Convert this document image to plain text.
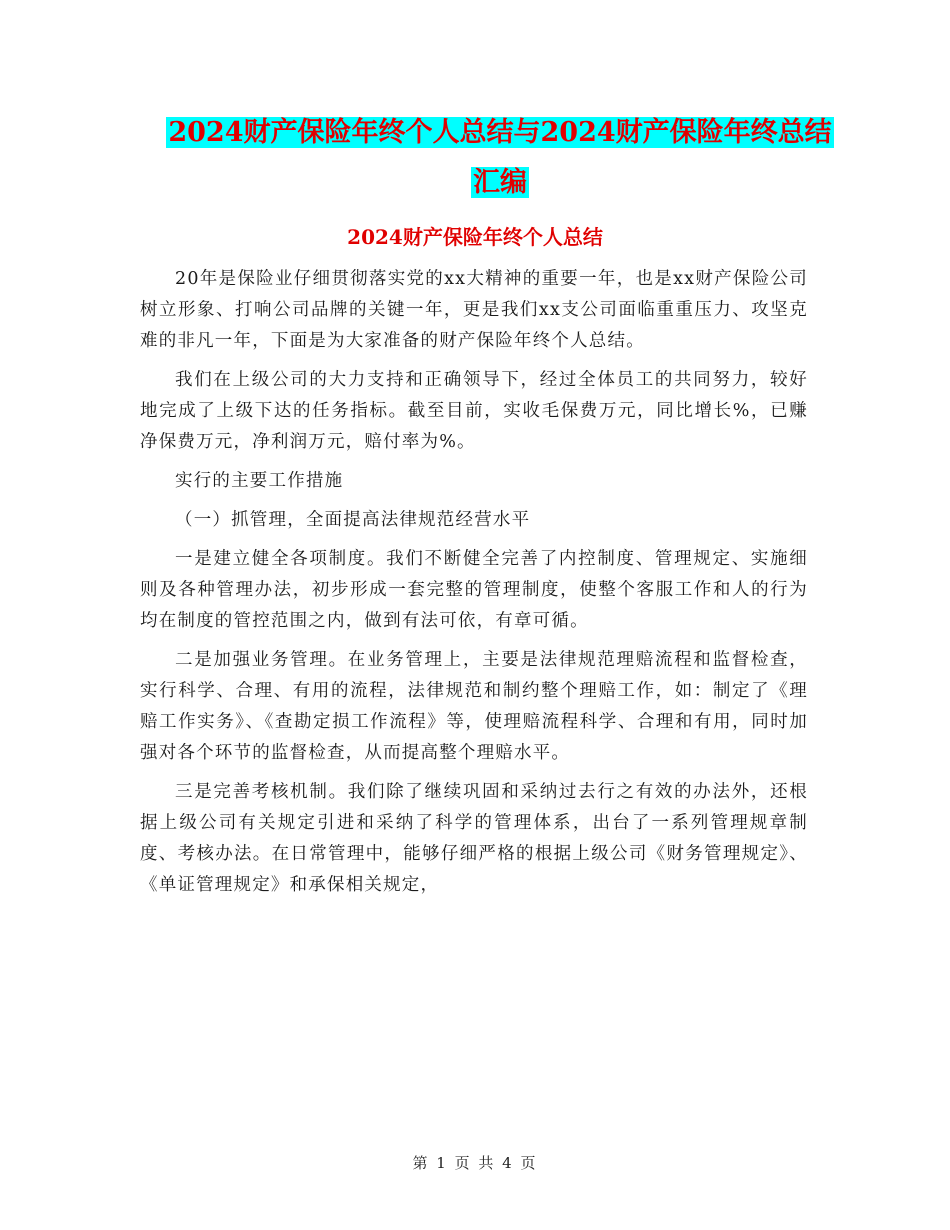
2024财产保险年终个人总结与2024财产保险年终总结
汇编
2024财产保险年终个人总结

20年是保险业仔细贯彻落实党的xx大精神的重要一年，也是xx财产保险公司树立形象、打响公司品牌的关键一年，更是我们xx支公司面临重重压力、攻坚克难的非凡一年，下面是为大家准备的财产保险年终个人总结。

我们在上级公司的大力支持和正确领导下，经过全体员工的共同努力，较好地完成了上级下达的任务指标。截至目前，实收毛保费万元，同比增长%，已赚净保费万元，净利润万元，赔付率为%。

实行的主要工作措施

（一）抓管理，全面提高法律规范经营水平

一是建立健全各项制度。我们不断健全完善了内控制度、管理规定、实施细则及各种管理办法，初步形成一套完整的管理制度，使整个客服工作和人的行为均在制度的管控范围之内，做到有法可依，有章可循。

二是加强业务管理。在业务管理上，主要是法律规范理赔流程和监督检查，实行科学、合理、有用的流程，法律规范和制约整个理赔工作，如：制定了《理赔工作实务》、《查勘定损工作流程》等，使理赔流程科学、合理和有用，同时加强对各个环节的监督检查，从而提高整个理赔水平。

三是完善考核机制。我们除了继续巩固和采纳过去行之有效的办法外，还根据上级公司有关规定引进和采纳了科学的管理体系，出台了一系列管理规章制度、考核办法。在日常管理中，能够仔细严格的根据上级公司《财务管理规定》、《单证管理规定》和承保相关规定，

第 1 页 共 4 页
